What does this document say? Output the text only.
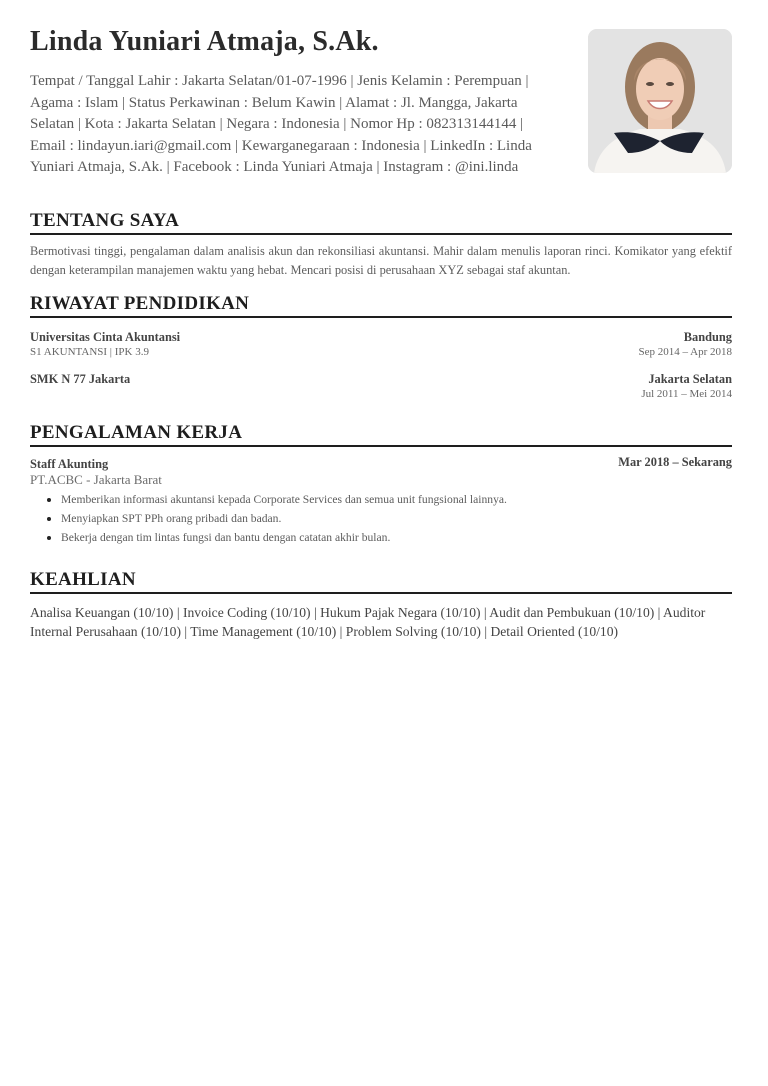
Linda Yuniari Atmaja, S.Ak.
Tempat / Tanggal Lahir : Jakarta Selatan/01-07-1996 | Jenis Kelamin : Perempuan | Agama : Islam | Status Perkawinan : Belum Kawin | Alamat : Jl. Mangga, Jakarta Selatan | Kota : Jakarta Selatan | Negara : Indonesia | Nomor Hp : 082313144144 | Email : lindayun.iari@gmail.com | Kewarganegaraan : Indonesia | LinkedIn : Linda Yuniari Atmaja, S.Ak. | Facebook : Linda Yuniari Atmaja | Instagram : @ini.linda
TENTANG SAYA
Bermotivasi tinggi, pengalaman dalam analisis akun dan rekonsiliasi akuntansi. Mahir dalam menulis laporan rinci. Komikator yang efektif dengan keterampilan manajemen waktu yang hebat. Mencari posisi di perusahaan XYZ sebagai staf akuntan.
RIWAYAT PENDIDIKAN
Universitas Cinta Akuntansi
S1 AKUNTANSI | IPK 3.9
Bandung
Sep 2014 – Apr 2018
SMK N 77 Jakarta	Jakarta Selatan
Jul 2011 – Mei 2014
PENGALAMAN KERJA
Staff Akunting	Mar 2018 – Sekarang
PT.ACBC - Jakarta Barat
Memberikan informasi akuntansi kepada Corporate Services dan semua unit fungsional lainnya.
Menyiapkan SPT PPh orang pribadi dan badan.
Bekerja dengan tim lintas fungsi dan bantu dengan catatan akhir bulan.
KEAHLIAN
Analisa Keuangan (10/10) | Invoice Coding (10/10) | Hukum Pajak Negara (10/10) | Audit dan Pembukuan (10/10) | Auditor Internal Perusahaan (10/10) | Time Management (10/10) | Problem Solving (10/10) | Detail Oriented (10/10)
